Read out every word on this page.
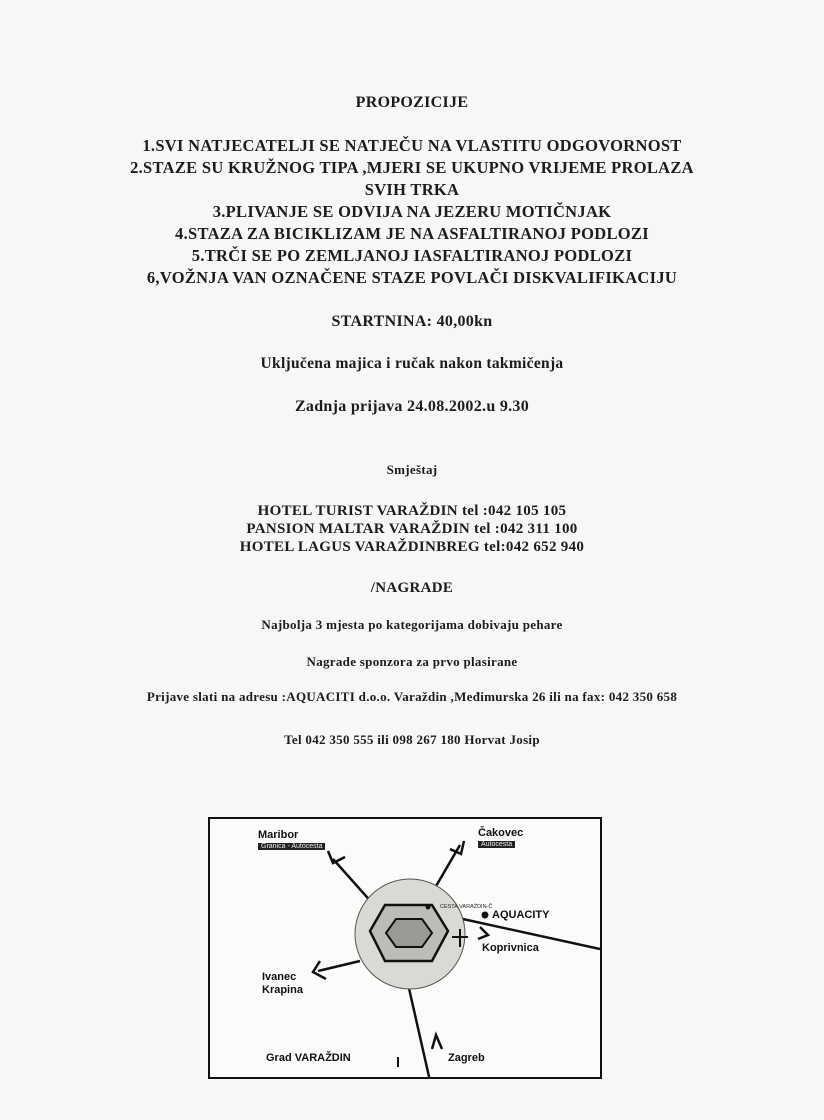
PROPOZICIJE
1.SVI NATJECATELJI SE NATJEČU NA VLASTITU ODGOVORNOST
2.STAZE SU KRUŽNOG TIPA ,MJERI SE UKUPNO VRIJEME PROLAZA
SVIH TRKA
3.PLIVANJE SE ODVIJA NA JEZERU MOTIČNJAK
4.STAZA ZA BICIKLIZAM JE NA ASFALTIRANOJ PODLOZI
5.TRČI SE PO ZEMLJANOJ IASFALTIRANOJ PODLOZI
6,VOŽNJA VAN OZNAČENE STAZE POVLAČI DISKVALIFIKACIJU
STARTNINA: 40,00kn
Uključena majica i ručak nakon takmičenja
Zadnja prijava 24.08.2002.u 9.30
Smještaj
HOTEL TURIST VARAŽDIN tel :042 105 105
PANSION MALTAR VARAŽDIN tel :042 311 100
HOTEL LAGUS VARAŽDINBREG tel:042 652 940
/NAGRADE
Najbolja 3 mjesta po kategorijama dobivaju pehare
Nagrade sponzora za prvo plasirane
Prijave slati na adresu :AQUACITI d.o.o. Varaždin ,Međimurska 26 ili na fax: 042 350 658
Tel 042 350 555 ili 098 267 180 Horvat Josip
Maribor
Granica - Autocesta
Čakovec
Autocesta
CESTA VARAŽDIN-Č
AQUACITY
Koprivnica
Ivanec
Krapina
Grad VARAŽDIN	Zagreb
